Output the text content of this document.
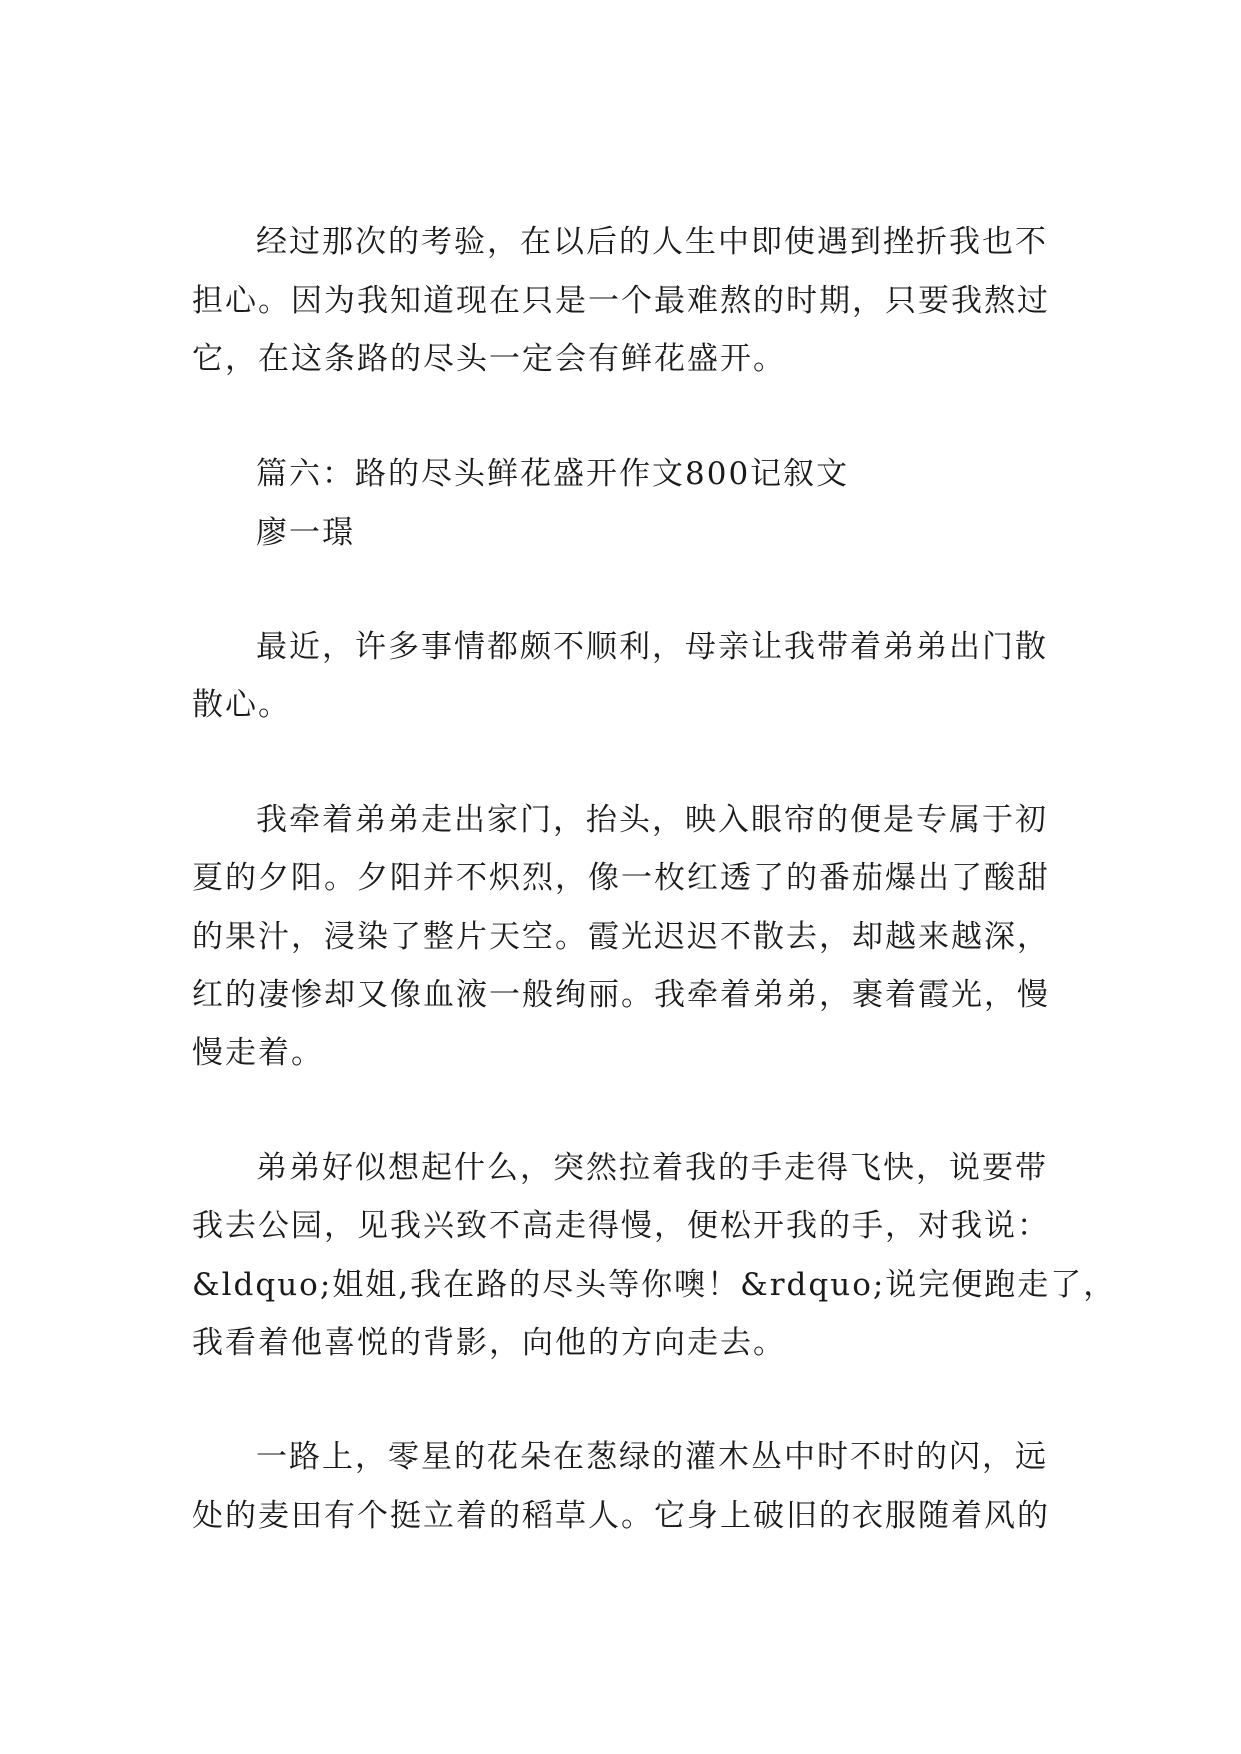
经过那次的考验，在以后的人生中即使遇到挫折我也不
担心。因为我知道现在只是一个最难熬的时期，只要我熬过
它，在这条路的尽头一定会有鲜花盛开。
篇六：路的尽头鲜花盛开作文800记叙文
廖一璟
最近，许多事情都颇不顺利，母亲让我带着弟弟出门散
散心。
我牵着弟弟走出家门，抬头，映入眼帘的便是专属于初
夏的夕阳。夕阳并不炽烈，像一枚红透了的番茄爆出了酸甜
的果汁，浸染了整片天空。霞光迟迟不散去，却越来越深，
红的凄惨却又像血液一般绚丽。我牵着弟弟，裹着霞光，慢
慢走着。
弟弟好似想起什么，突然拉着我的手走得飞快，说要带
我去公园，见我兴致不高走得慢，便松开我的手，对我说：
&ldquo;姐姐,我在路的尽头等你噢！&rdquo;说完便跑走了，
我看着他喜悦的背影，向他的方向走去。
一路上，零星的花朵在葱绿的灌木丛中时不时的闪，远
处的麦田有个挺立着的稻草人。它身上破旧的衣服随着风的
